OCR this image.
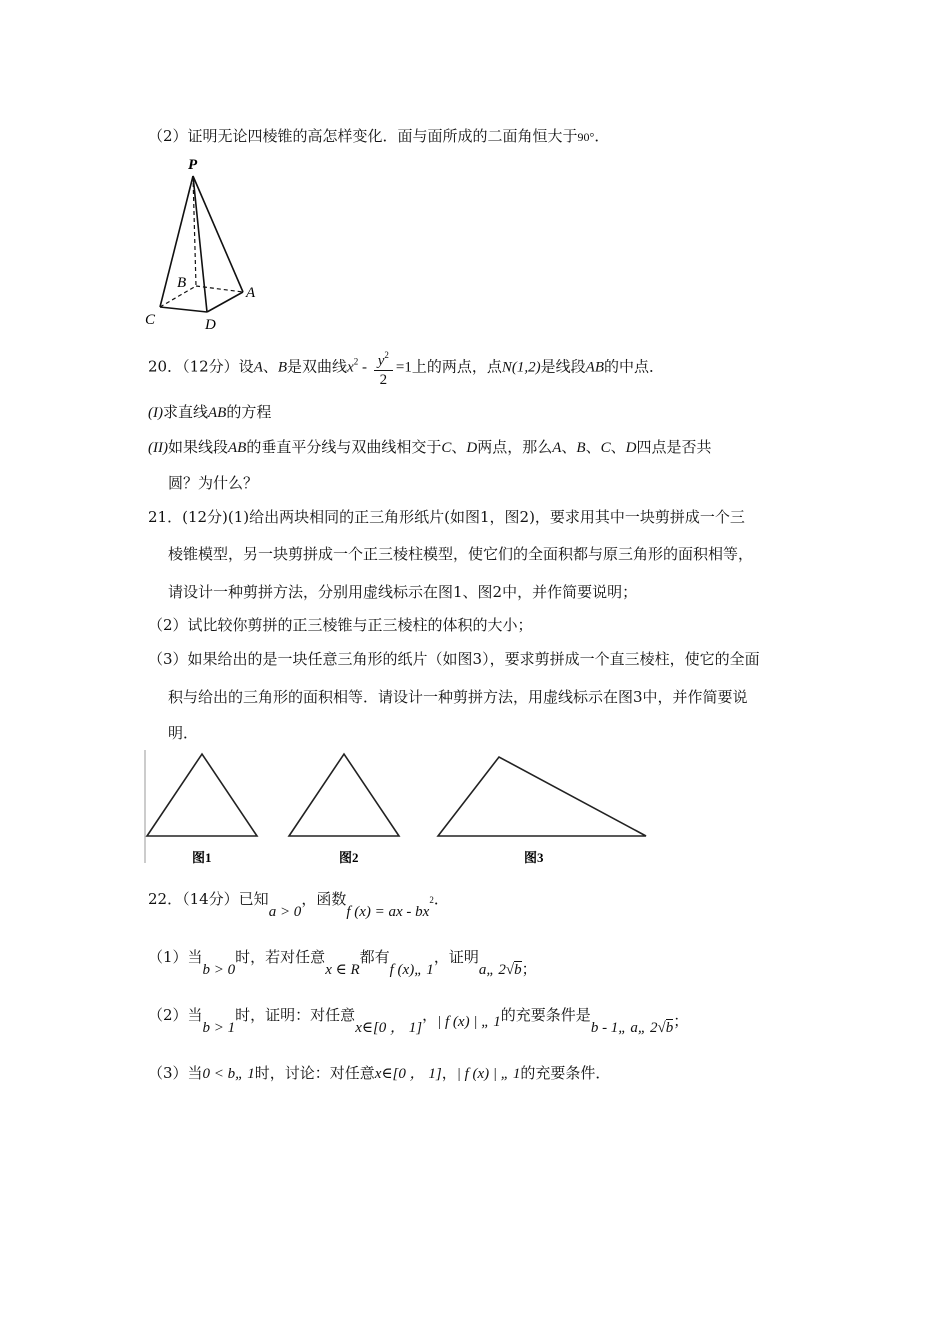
（2）证明无论四棱锥的高怎样变化．面与面所成的二面角恒大于90°．
P
B
A
C	D
20．（12分）设A、B是双曲线$x^2 - \frac{y^2}{2} =1$上的两点，点N(1,2)是线段AB的中点．
(I)求直线AB的方程
(II)如果线段AB的垂直平分线与双曲线相交于C、D两点，那么A、B、C、D四点是否共
圆？为什么？
21．(12分)(1)给出两块相同的正三角形纸片(如图1，图2)，要求用其中一块剪拼成一个三
棱锥模型，另一块剪拼成一个正三棱柱模型，使它们的全面积都与原三角形的面积相等，
请设计一种剪拼方法，分别用虚线标示在图1、图2中，并作简要说明；
（2）试比较你剪拼的正三棱锥与正三棱柱的体积的大小；
（3）如果给出的是一块任意三角形的纸片（如图3），要求剪拼成一个直三棱柱，使它的全面
积与给出的三角形的面积相等．请设计一种剪拼方法，用虚线标示在图3中，并作简要说
明．
图1	图2	图3
22．（14分）已知a > 0，函数f (x) = ax - $bx^2$．
（1）当b > 0时，若对任意x ∈ R都有f (x)„ 1，证明a„ 2√b；
（2）当b > 1时，证明：对任意x∈[0 ， 1]，| f (x) | „ 1的充要条件是b - 1„ a„ 2√b；
（3）当0 < b„ 1时，讨论：对任意x∈[0 ， 1]，| f (x) | „ 1的充要条件．
